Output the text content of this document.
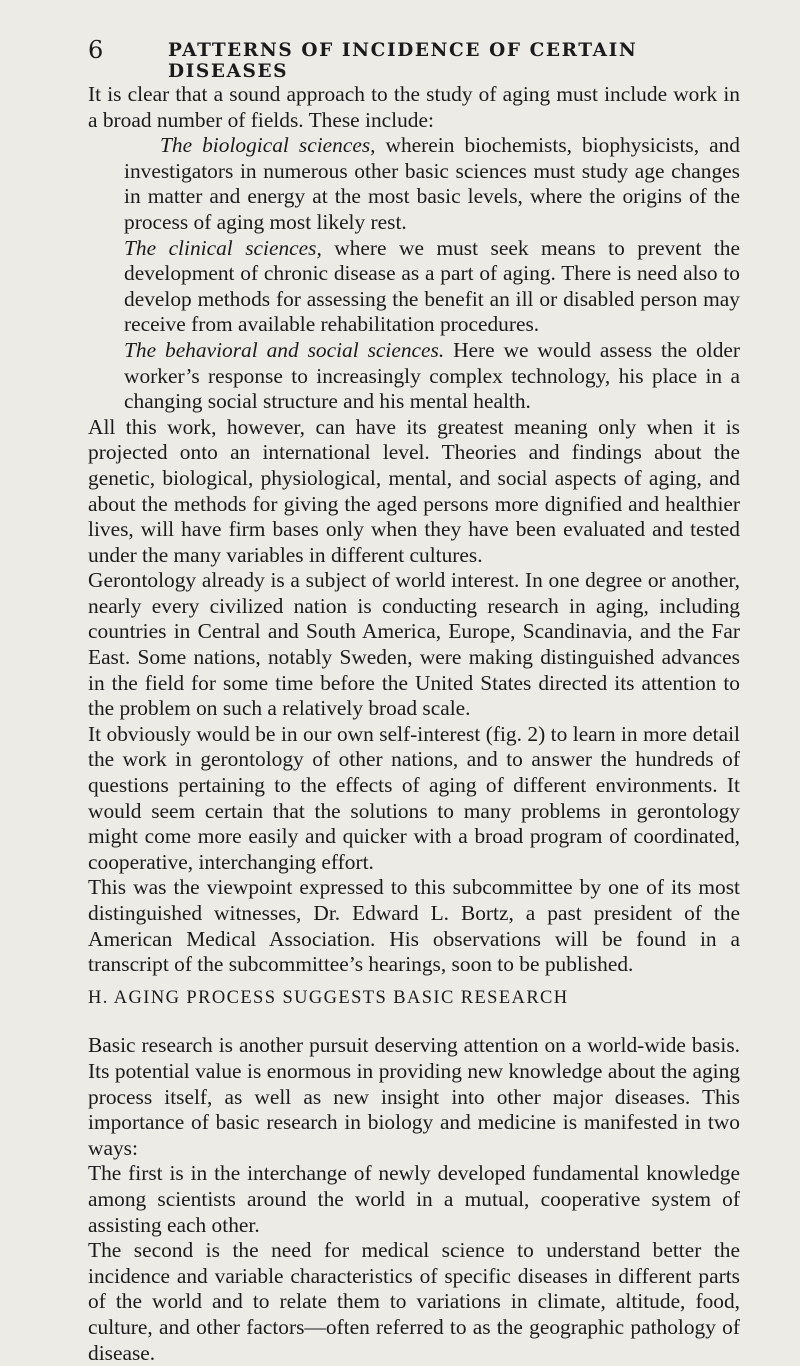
6	PATTERNS OF INCIDENCE OF CERTAIN DISEASES

It is clear that a sound approach to the study of aging must include work in a broad number of fields. These include:

The biological sciences, wherein biochemists, biophysicists, and investigators in numerous other basic sciences must study age changes in matter and energy at the most basic levels, where the origins of the process of aging most likely rest.

The clinical sciences, where we must seek means to prevent the development of chronic disease as a part of aging. There is need also to develop methods for assessing the benefit an ill or disabled person may receive from available rehabilitation procedures.

The behavioral and social sciences. Here we would assess the older worker’s response to increasingly complex technology, his place in a changing social structure and his mental health.

All this work, however, can have its greatest meaning only when it is projected onto an international level. Theories and findings about the genetic, biological, physiological, mental, and social aspects of aging, and about the methods for giving the aged persons more dignified and healthier lives, will have firm bases only when they have been evaluated and tested under the many variables in different cultures.

Gerontology already is a subject of world interest. In one degree or another, nearly every civilized nation is conducting research in aging, including countries in Central and South America, Europe, Scandinavia, and the Far East. Some nations, notably Sweden, were making distinguished advances in the field for some time before the United States directed its attention to the problem on such a relatively broad scale.

It obviously would be in our own self-interest (fig. 2) to learn in more detail the work in gerontology of other nations, and to answer the hundreds of questions pertaining to the effects of aging of different environments. It would seem certain that the solutions to many problems in gerontology might come more easily and quicker with a broad program of coordinated, cooperative, interchanging effort.

This was the viewpoint expressed to this subcommittee by one of its most distinguished witnesses, Dr. Edward L. Bortz, a past president of the American Medical Association. His observations will be found in a transcript of the subcommittee’s hearings, soon to be published.

H. AGING PROCESS SUGGESTS BASIC RESEARCH

Basic research is another pursuit deserving attention on a world-wide basis. Its potential value is enormous in providing new knowledge about the aging process itself, as well as new insight into other major diseases. This importance of basic research in biology and medicine is manifested in two ways:

The first is in the interchange of newly developed fundamental knowledge among scientists around the world in a mutual, cooperative system of assisting each other.

The second is the need for medical science to understand better the incidence and variable characteristics of specific diseases in different parts of the world and to relate them to variations in climate, altitude, food, culture, and other factors—often referred to as the geographic pathology of disease.
